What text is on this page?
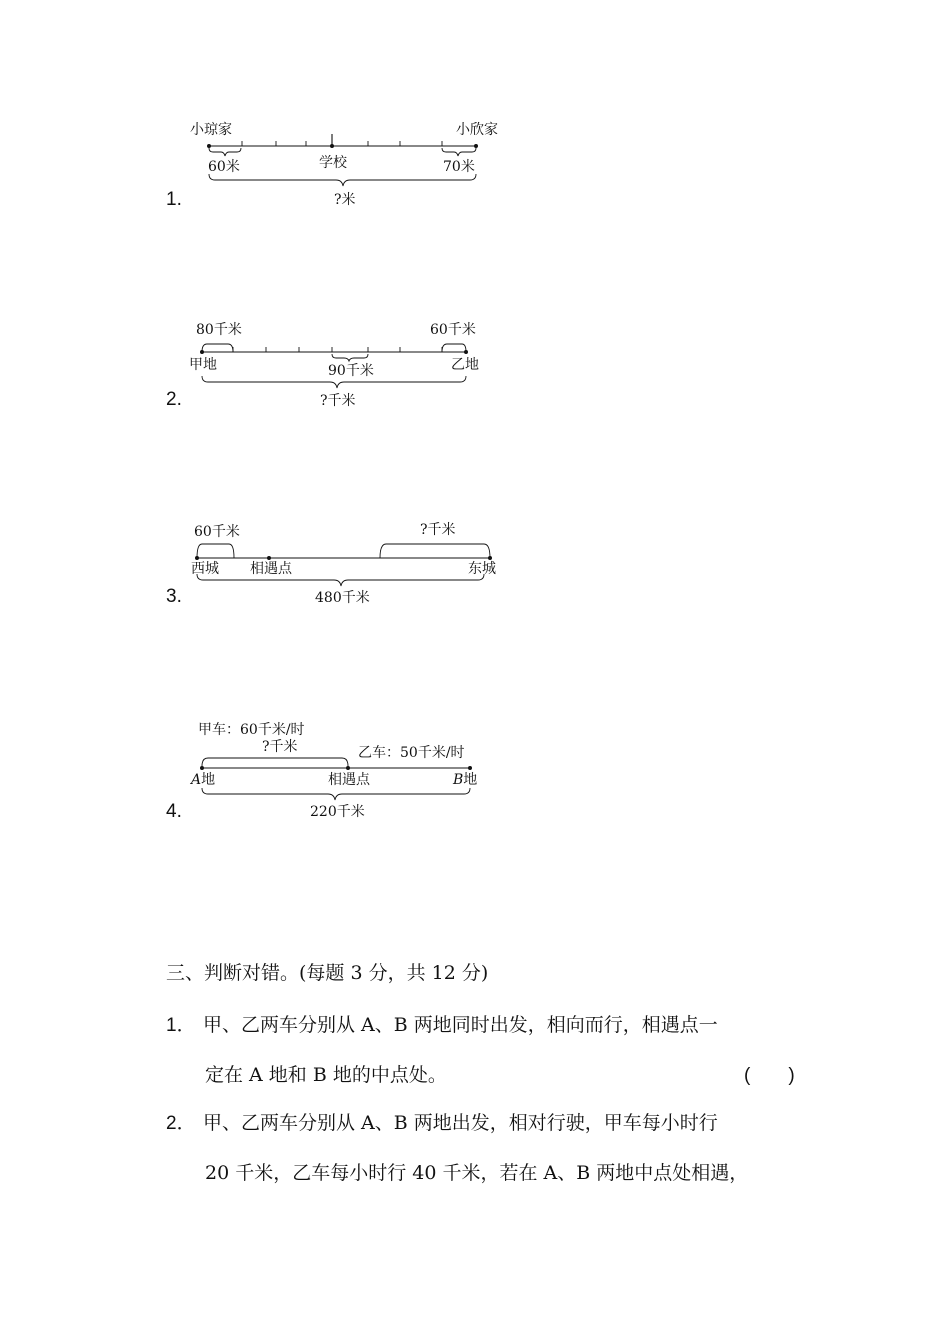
1.
小琼家	小欣家
60米	学校	70米
?米
2.
80千米	60千米
甲地	90千米	乙地
?千米
3.
60千米	?千米
西城 相遇点	东城
480千米
4.
甲车：60千米/时
?千米	乙车：50千米/时
A地	相遇点	B地
220千米
三、判断对错。(每题 3 分，共 12 分)
1． 甲、乙两车分别从 A、B 两地同时出发，相向而行，相遇点一
定在 A 地和 B 地的中点处。	(　　)
2． 甲、乙两车分别从 A、B 两地出发，相对行驶，甲车每小时行
20 千米，乙车每小时行 40 千米，若在 A、B 两地中点处相遇，
